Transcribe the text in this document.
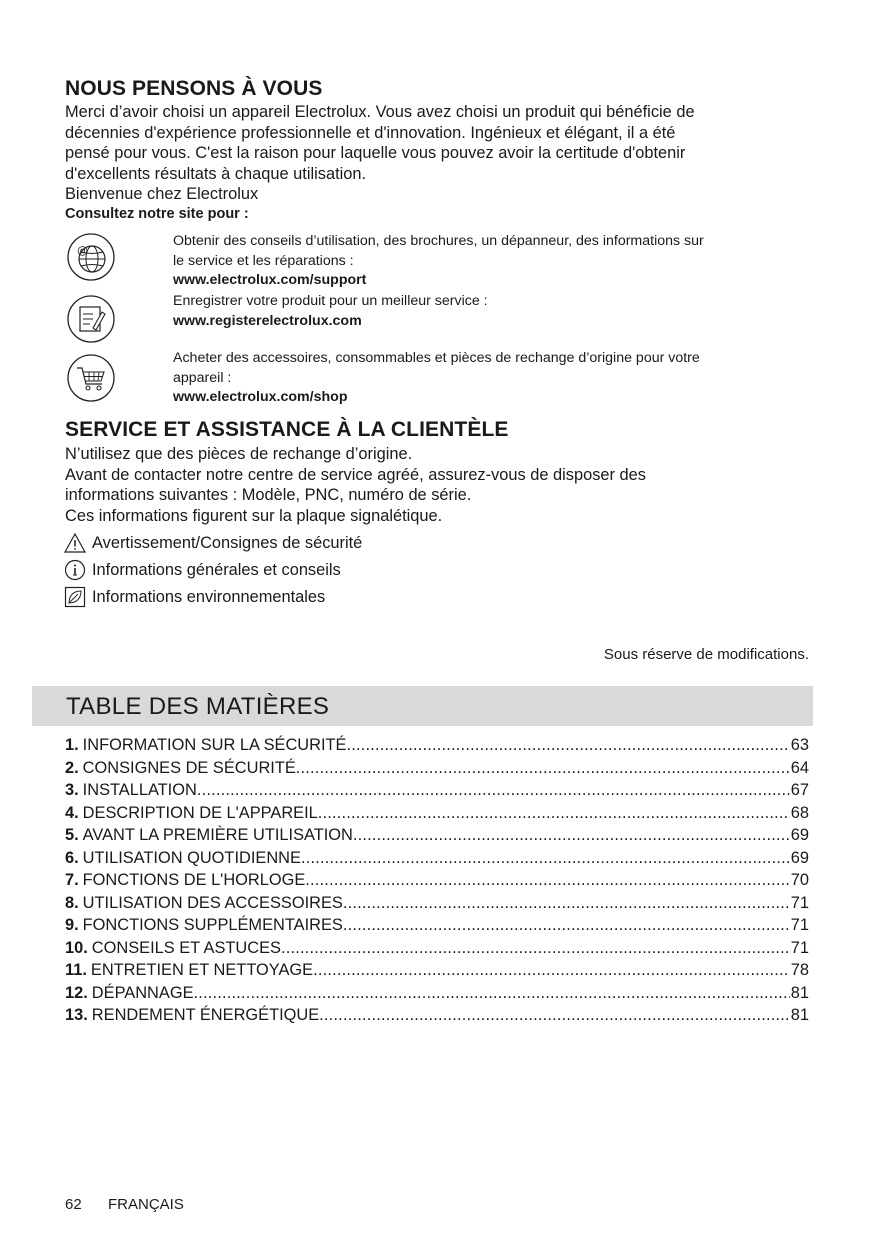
NOUS PENSONS À VOUS
Merci d’avoir choisi un appareil Electrolux. Vous avez choisi un produit qui bénéficie de
décennies d'expérience professionnelle et d'innovation. Ingénieux et élégant, il a été
pensé pour vous. C'est la raison pour laquelle vous pouvez avoir la certitude d'obtenir
d'excellents résultats à chaque utilisation.
Bienvenue chez Electrolux
Consultez notre site pour :
@
Obtenir des conseils d’utilisation, des brochures, un dépanneur, des informations sur
le service et les réparations :
www.electrolux.com/support
Enregistrer votre produit pour un meilleur service :
www.registerelectrolux.com
Acheter des accessoires, consommables et pièces de rechange d’origine pour votre
appareil :
www.electrolux.com/shop
SERVICE ET ASSISTANCE À LA CLIENTÈLE
N’utilisez que des pièces de rechange d’origine.
Avant de contacter notre centre de service agréé, assurez-vous de disposer des
informations suivantes : Modèle, PNC, numéro de série.
Ces informations figurent sur la plaque signalétique.
Avertissement/Consignes de sécurité
Informations générales et conseils
Informations environnementales
Sous réserve de modifications.
TABLE DES MATIÈRES
1. INFORMATION SUR LA SÉCURITÉ .....	63
2. CONSIGNES DE SÉCURITÉ .....	64
3. INSTALLATION .....	67
4. DESCRIPTION DE L'APPAREIL .....	68
5. AVANT LA PREMIÈRE UTILISATION .....	69
6. UTILISATION QUOTIDIENNE .....	69
7. FONCTIONS DE L'HORLOGE .....	70
8. UTILISATION DES ACCESSOIRES .....	71
9. FONCTIONS SUPPLÉMENTAIRES .....	71
10. CONSEILS ET ASTUCES .....	71
11. ENTRETIEN ET NETTOYAGE .....	78
12. DÉPANNAGE .....	81
13. RENDEMENT ÉNERGÉTIQUE .....	81
62 FRANÇAIS
